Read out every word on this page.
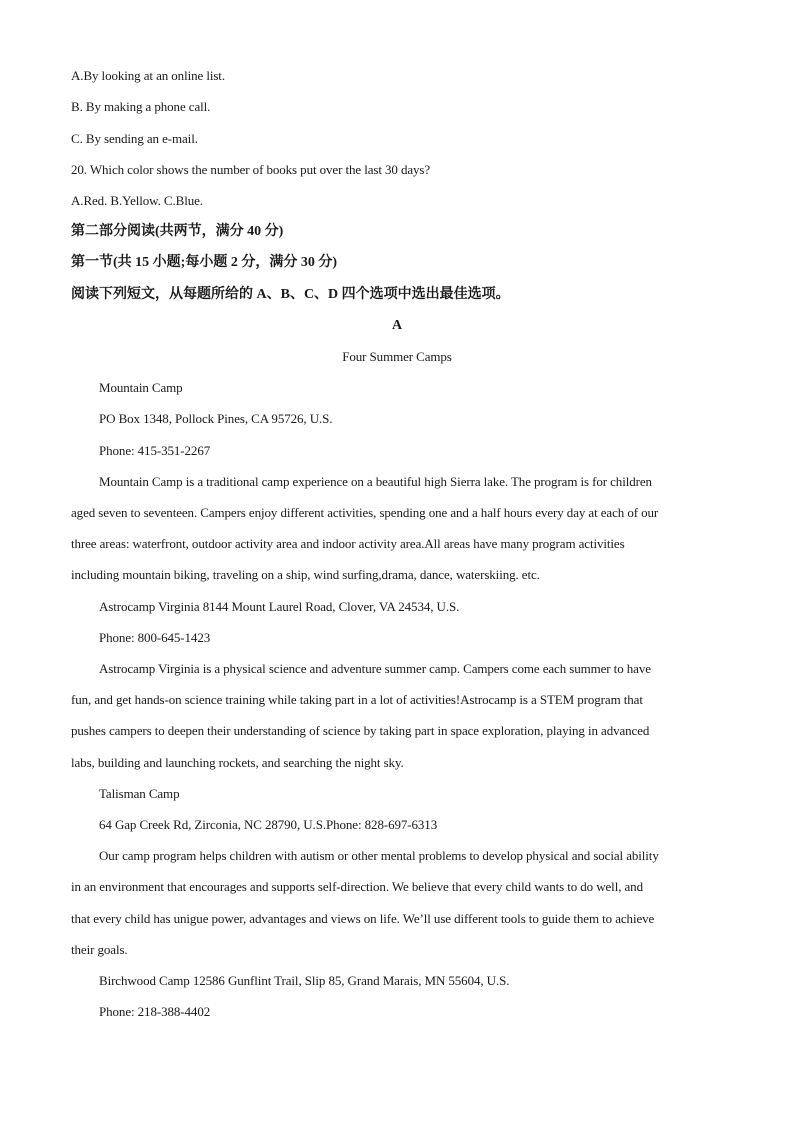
A.By looking at an online list.
B. By making a phone call.
C. By sending an e-mail.
20. Which color shows the number of books put over the last 30 days?
A.Red. B.Yellow. C.Blue.
第二部分阅读(共两节，满分 40 分)
第一节(共 15 小题;每小题 2 分，满分 30 分)
阅读下列短文，从每题所给的 A、B、C、D 四个选项中选出最佳选项。
A
Four Summer Camps
Mountain Camp
PO Box 1348, Pollock Pines, CA 95726, U.S.
Phone: 415-351-2267
Mountain Camp is a traditional camp experience on a beautiful high Sierra lake. The program is for children
aged seven to seventeen. Campers enjoy different activities, spending one and a half hours every day at each of our
three areas: waterfront, outdoor activity area and indoor activity area.All areas have many program activities
including mountain biking, traveling on a ship, wind surfing,drama, dance, waterskiing. etc.
Astrocamp Virginia 8144 Mount Laurel Road, Clover, VA 24534, U.S.
Phone: 800-645-1423
Astrocamp Virginia is a physical science and adventure summer camp. Campers come each summer to have
fun, and get hands-on science training while taking part in a lot of activities!Astrocamp is a STEM program that
pushes campers to deepen their understanding of science by taking part in space exploration, playing in advanced
labs, building and launching rockets, and searching the night sky.
Talisman Camp
64 Gap Creek Rd, Zirconia, NC 28790, U.S.Phone: 828-697-6313
Our camp program helps children with autism or other mental problems to develop physical and social ability
in an environment that encourages and supports self-direction. We believe that every child wants to do well, and
that every child has unigue power, advantages and views on life. We’ll use different tools to guide them to achieve
their goals.
Birchwood Camp 12586 Gunflint Trail, Slip 85, Grand Marais, MN 55604, U.S.
Phone: 218-388-4402
